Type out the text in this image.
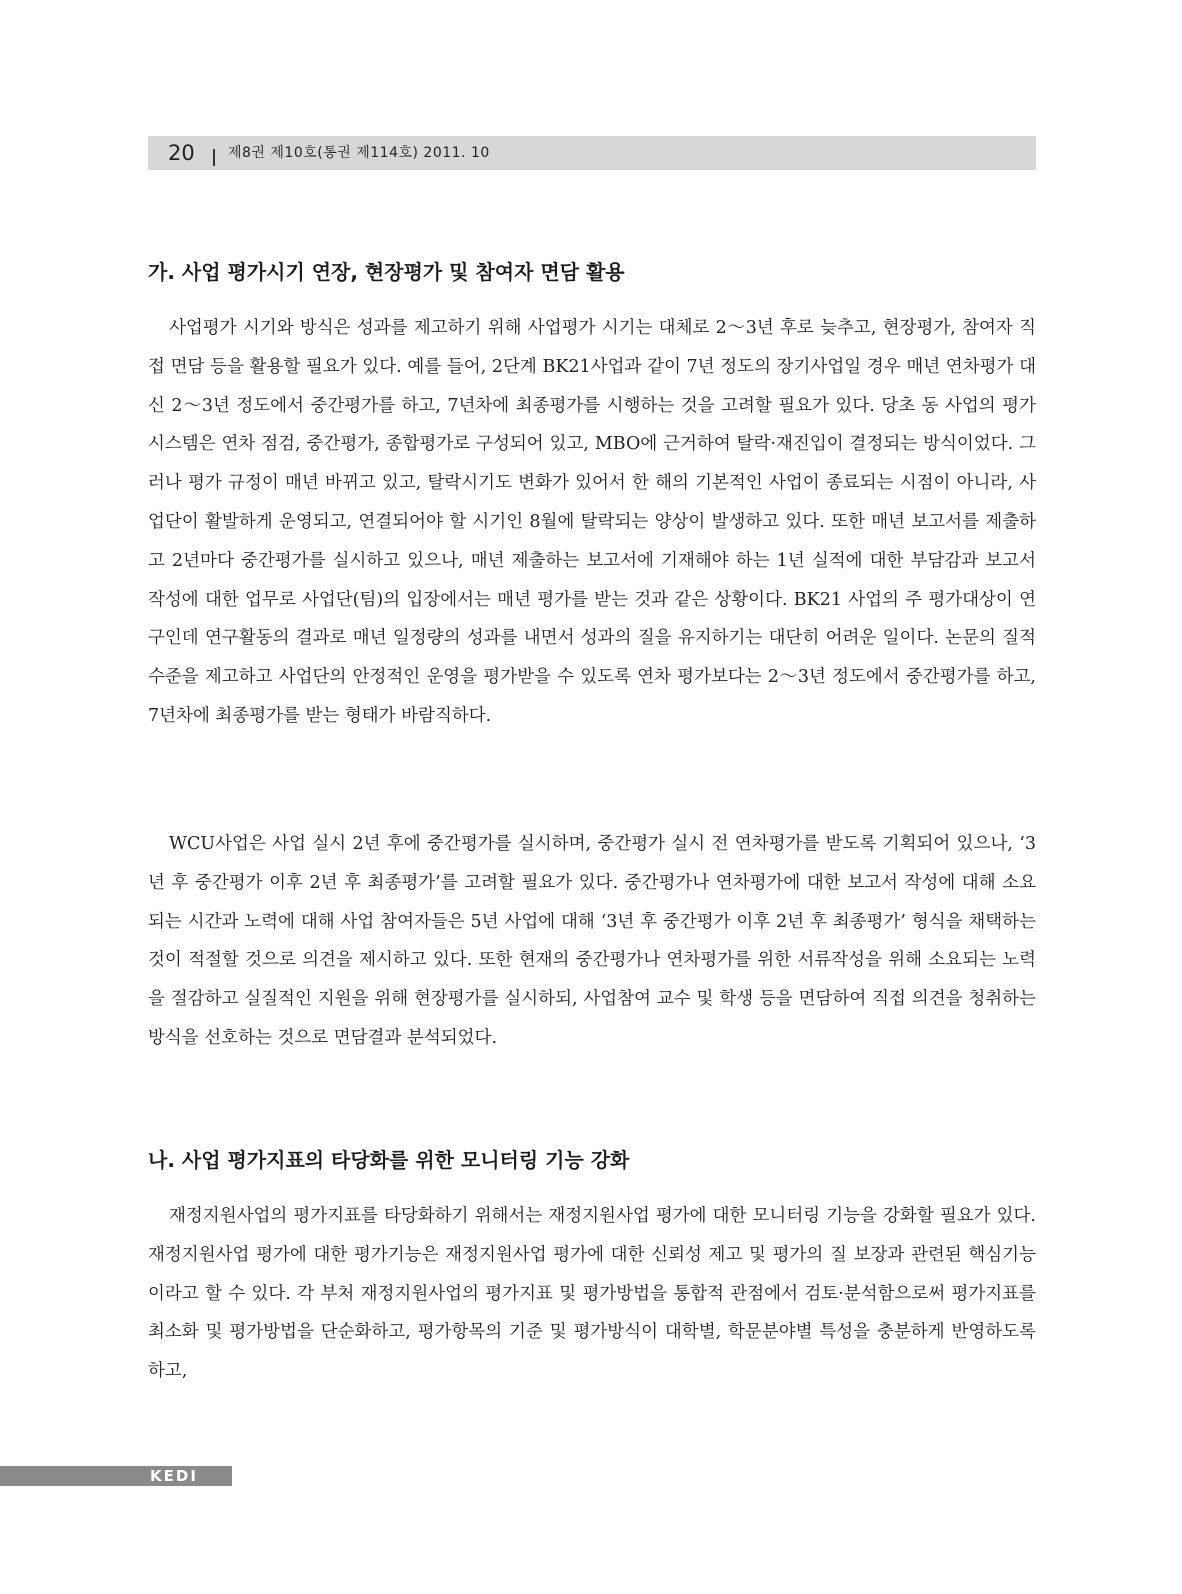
20 제8권 제10호(통권 제114호) 2011. 10
가. 사업 평가시기 연장, 현장평가 및 참여자 면담 활용

사업평가 시기와 방식은 성과를 제고하기 위해 사업평가 시기는 대체로 2～3년 후로 늦추고, 현장평가, 참여자 직접 면담 등을 활용할 필요가 있다. 예를 들어, 2단계 BK21사업과 같이 7년 정도의 장기사업일 경우 매년 연차평가 대신 2～3년 정도에서 중간평가를 하고, 7년차에 최종평가를 시행하는 것을 고려할 필요가 있다. 당초 동 사업의 평가 시스템은 연차 점검, 중간평가, 종합평가로 구성되어 있고, MBO에 근거하여 탈락·재진입이 결정되는 방식이었다. 그러나 평가 규정이 매년 바뀌고 있고, 탈락시기도 변화가 있어서 한 해의 기본적인 사업이 종료되는 시점이 아니라, 사업단이 활발하게 운영되고, 연결되어야 할 시기인 8월에 탈락되는 양상이 발생하고 있다. 또한 매년 보고서를 제출하고 2년마다 중간평가를 실시하고 있으나, 매년 제출하는 보고서에 기재해야 하는 1년 실적에 대한 부담감과 보고서 작성에 대한 업무로 사업단(팀)의 입장에서는 매년 평가를 받는 것과 같은 상황이다. BK21 사업의 주 평가대상이 연구인데 연구활동의 결과로 매년 일정량의 성과를 내면서 성과의 질을 유지하기는 대단히 어려운 일이다. 논문의 질적 수준을 제고하고 사업단의 안정적인 운영을 평가받을 수 있도록 연차 평가보다는 2～3년 정도에서 중간평가를 하고, 7년차에 최종평가를 받는 형태가 바람직하다.

WCU사업은 사업 실시 2년 후에 중간평가를 실시하며, 중간평가 실시 전 연차평가를 받도록 기획되어 있으나, ‘3년 후 중간평가 이후 2년 후 최종평가’를 고려할 필요가 있다. 중간평가나 연차평가에 대한 보고서 작성에 대해 소요되는 시간과 노력에 대해 사업 참여자들은 5년 사업에 대해 ‘3년 후 중간평가 이후 2년 후 최종평가’ 형식을 채택하는 것이 적절할 것으로 의견을 제시하고 있다. 또한 현재의 중간평가나 연차평가를 위한 서류작성을 위해 소요되는 노력을 절감하고 실질적인 지원을 위해 현장평가를 실시하되, 사업참여 교수 및 학생 등을 면담하여 직접 의견을 청취하는 방식을 선호하는 것으로 면담결과 분석되었다.

나. 사업 평가지표의 타당화를 위한 모니터링 기능 강화

재정지원사업의 평가지표를 타당화하기 위해서는 재정지원사업 평가에 대한 모니터링 기능을 강화할 필요가 있다. 재정지원사업 평가에 대한 평가기능은 재정지원사업 평가에 대한 신뢰성 제고 및 평가의 질 보장과 관련된 핵심기능이라고 할 수 있다. 각 부처 재정지원사업의 평가지표 및 평가방법을 통합적 관점에서 검토·분석함으로써 평가지표를 최소화 및 평가방법을 단순화하고, 평가항목의 기준 및 평가방식이 대학별, 학문분야별 특성을 충분하게 반영하도록 하고,

KEDI
